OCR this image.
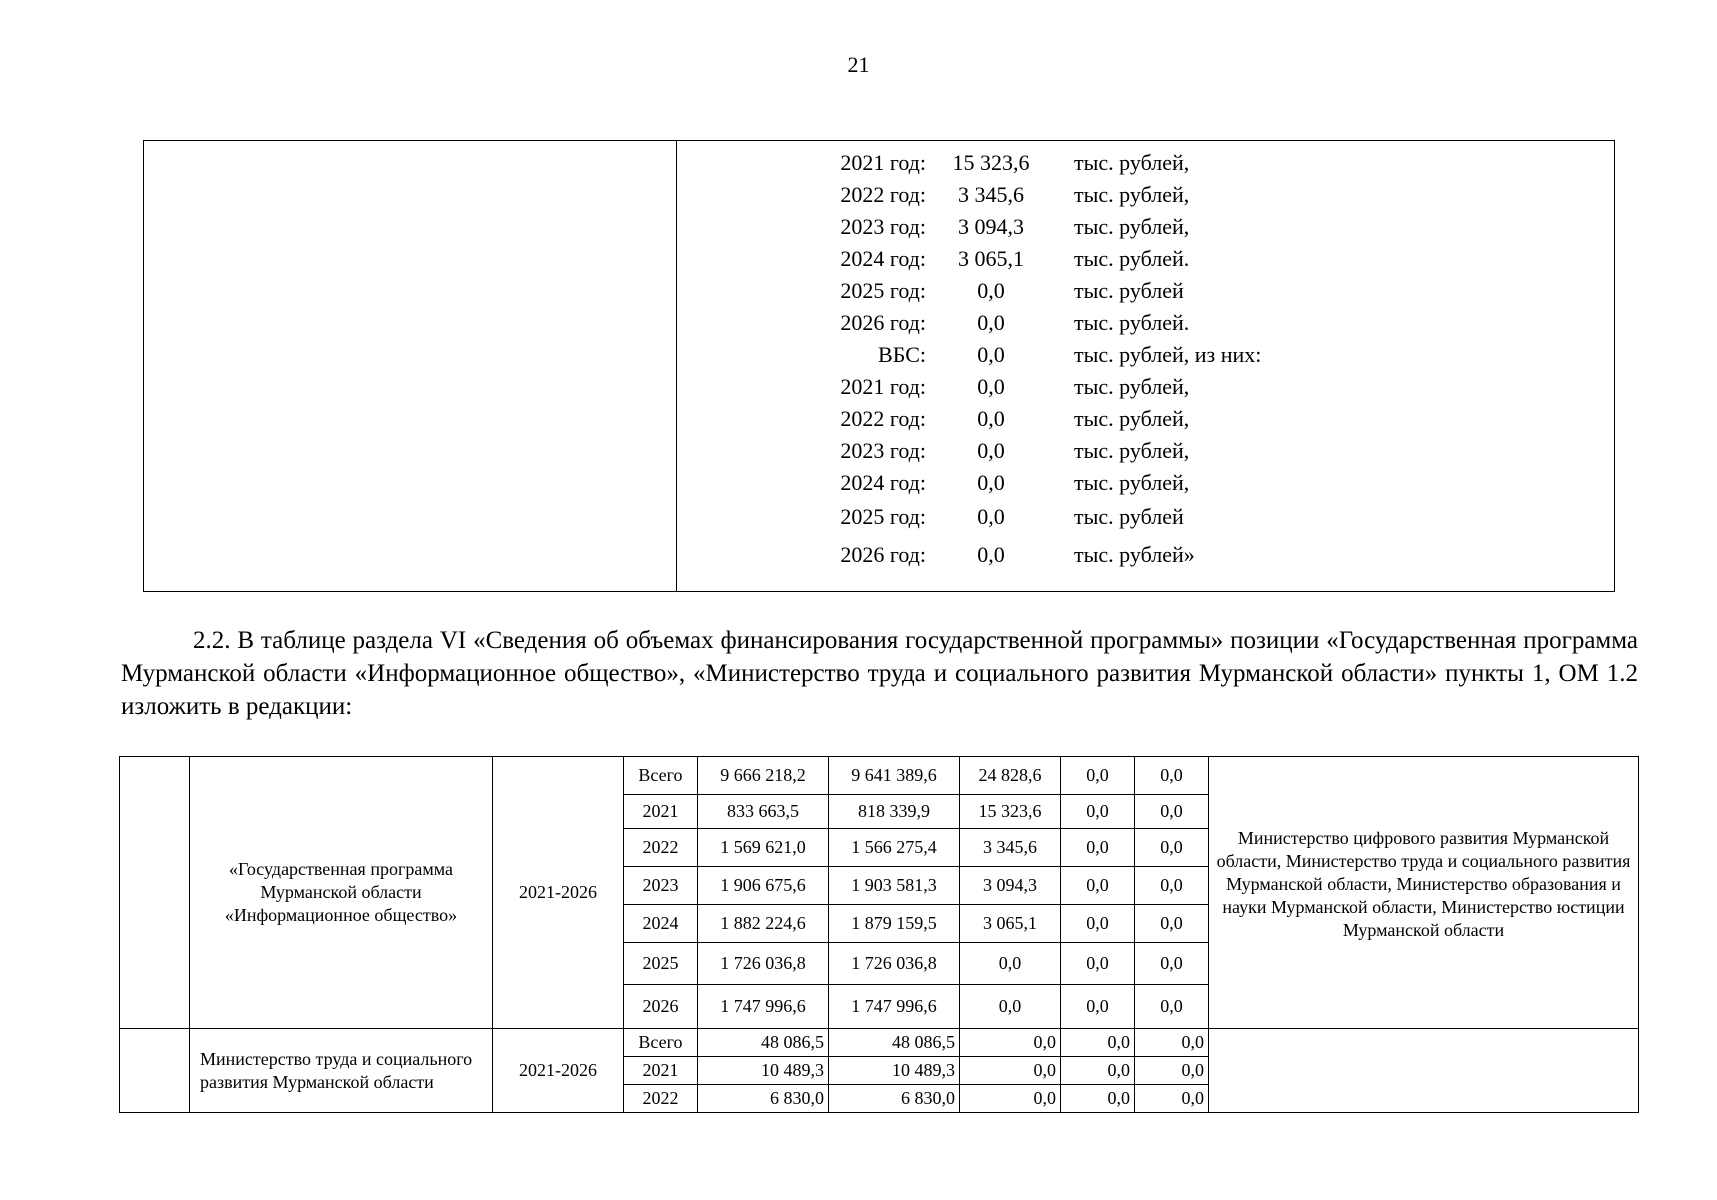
21
2021 год:	15 323,6	тыс. рублей,
2022 год:	3 345,6	тыс. рублей,
2023 год:	3 094,3	тыс. рублей,
2024 год:	3 065,1	тыс. рублей.
2025 год:	0,0	тыс. рублей
2026 год:	0,0	тыс. рублей.
ВБС:	0,0	тыс. рублей, из них:
2021 год:	0,0	тыс. рублей,
2022 год:	0,0	тыс. рублей,
2023 год:	0,0	тыс. рублей,
2024 год:	0,0	тыс. рублей,
2025 год:	0,0	тыс. рублей
2026 год:	0,0	тыс. рублей»
2.2. В таблице раздела VI «Сведения об объемах финансирования государственной программы» позиции «Государственная программа Мурманской области «Информационное общество», «Министерство труда и социального развития Мурманской области» пункты 1, ОМ 1.2 изложить в редакции:
	«Государственная программа Мурманской области «Информационное общество»	2021-2026	Всего	9 666 218,2	9 641 389,6	24 828,6	0,0	0,0	Министерство цифрового развития Мурманской области, Министерство труда и социального развития Мурманской области, Министерство образования и науки Мурманской области, Министерство юстиции Мурманской области
			2021	833 663,5	818 339,9	15 323,6	0,0	0,0	
			2022	1 569 621,0	1 566 275,4	3 345,6	0,0	0,0	
			2023	1 906 675,6	1 903 581,3	3 094,3	0,0	0,0	
			2024	1 882 224,6	1 879 159,5	3 065,1	0,0	0,0	
			2025	1 726 036,8	1 726 036,8	0,0	0,0	0,0	
			2026	1 747 996,6	1 747 996,6	0,0	0,0	0,0	
	Министерство труда и социального развития Мурманской области	2021-2026	Всего	48 086,5	48 086,5	0,0	0,0	0,0	
			2021	10 489,3	10 489,3	0,0	0,0	0,0	
			2022	6 830,0	6 830,0	0,0	0,0	0,0	
